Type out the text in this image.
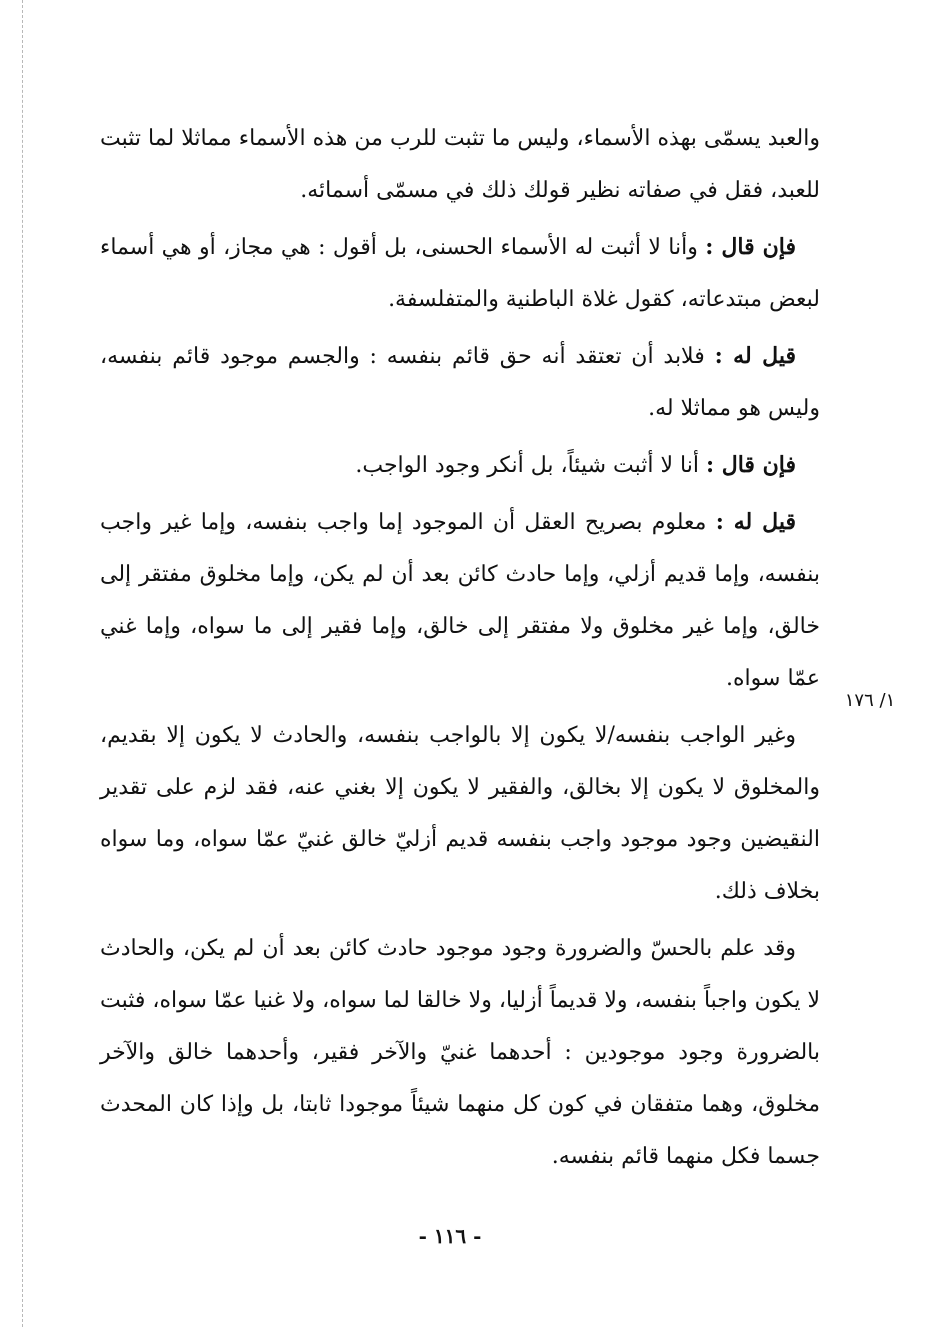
والعبد يسمّى بهذه الأسماء، وليس ما تثبت للرب من هذه الأسماء مماثلا لما تثبت للعبد، فقل في صفاته نظير قولك ذلك في مسمّى أسمائه.

فإن قال : وأنا لا أثبت له الأسماء الحسنى، بل أقول : هي مجاز، أو هي أسماء لبعض مبتدعاته، كقول غلاة الباطنية والمتفلسفة.

قيل له : فلابد أن تعتقد أنه حق قائم بنفسه : والجسم موجود قائم بنفسه، وليس هو مماثلا له.

فإن قال : أنا لا أثبت شيئاً، بل أنكر وجود الواجب.

قيل له : معلوم بصريح العقل أن الموجود إما واجب بنفسه، وإما غير واجب بنفسه، وإما قديم أزلي، وإما حادث كائن بعد أن لم يكن، وإما مخلوق مفتقر إلى خالق، وإما غير مخلوق ولا مفتقر إلى خالق، وإما فقير إلى ما سواه، وإما غني عمّا سواه.

وغير الواجب بنفسه/لا يكون إلا بالواجب بنفسه، والحادث لا يكون إلا بقديم، والمخلوق لا يكون إلا بخالق، والفقير لا يكون إلا بغني عنه، فقد لزم على تقدير النقيضين وجود موجود واجب بنفسه قديم أزليّ خالق غنيّ عمّا سواه، وما سواه بخلاف ذلك.

وقد علم بالحسّ والضرورة وجود موجود حادث كائن بعد أن لم يكن، والحادث لا يكون واجباً بنفسه، ولا قديماً أزليا، ولا خالقا لما سواه، ولا غنيا عمّا سواه، فثبت بالضرورة وجود موجودين : أحدهما غنيّ والآخر فقير، وأحدهما خالق والآخر مخلوق، وهما متفقان في كون كل منهما شيئاً موجودا ثابتا، بل وإذا كان المحدث جسما فكل منهما قائم بنفسه.

١/ ١٧٦
- ١١٦ -
